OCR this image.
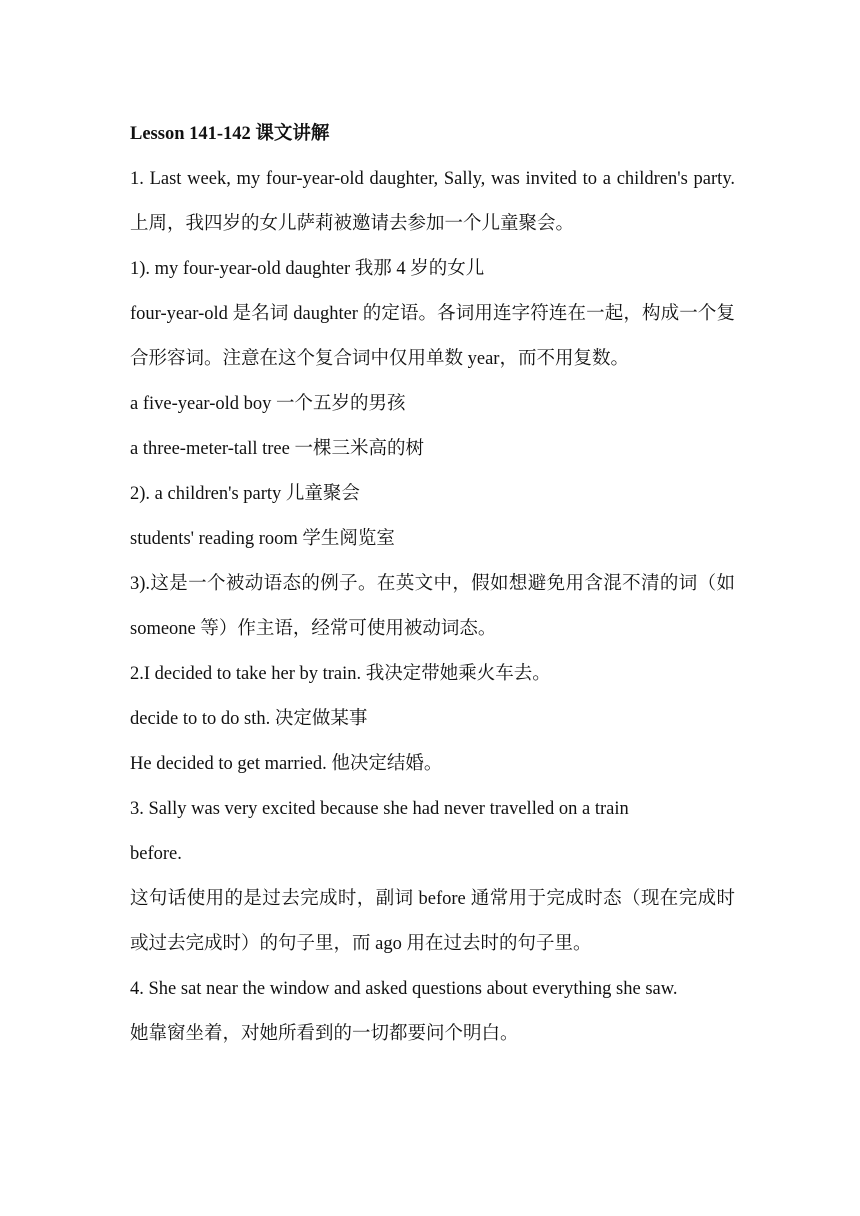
Lesson 141-142 课文讲解
1. Last week, my four-year-old daughter, Sally, was invited to a children's party.上周，我四岁的女儿萨莉被邀请去参加一个儿童聚会。
1). my four-year-old daughter 我那 4 岁的女儿
four-year-old 是名词 daughter 的定语。各词用连字符连在一起，构成一个复合形容词。注意在这个复合词中仅用单数 year，而不用复数。
a five-year-old boy 一个五岁的男孩
a three-meter-tall tree 一棵三米高的树
2). a children's party 儿童聚会
students' reading room 学生阅览室
3).这是一个被动语态的例子。在英文中，假如想避免用含混不清的词（如 someone 等）作主语，经常可使用被动词态。
2.I decided to take her by train. 我决定带她乘火车去。
decide to to do sth. 决定做某事
He decided to get married. 他决定结婚。
3. Sally was very excited because she had never travelled on a train
before.
这句话使用的是过去完成时，副词 before 通常用于完成时态（现在完成时或过去完成时）的句子里，而 ago 用在过去时的句子里。
4. She sat near the window and asked questions about everything she saw.
她靠窗坐着，对她所看到的一切都要问个明白。
